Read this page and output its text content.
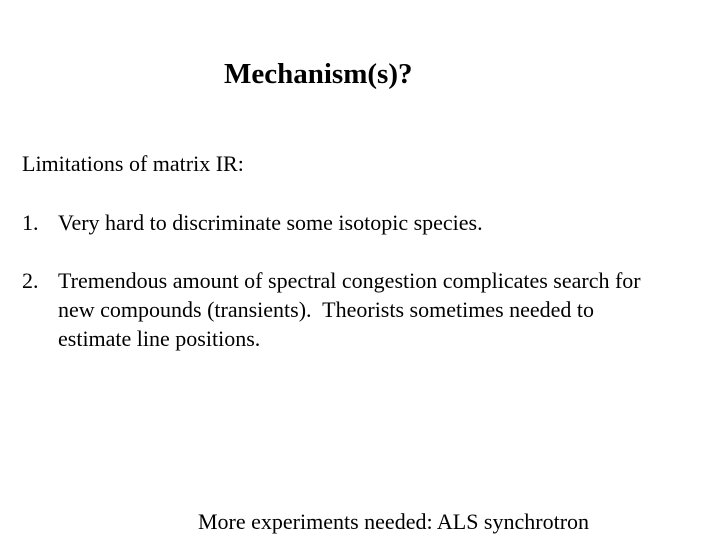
Mechanism(s)?
Limitations of matrix IR:
1. Very hard to discriminate some isotopic species.
2. Tremendous amount of spectral congestion complicates search for new compounds (transients).  Theorists sometimes needed to estimate line positions.
More experiments needed: ALS synchrotron
